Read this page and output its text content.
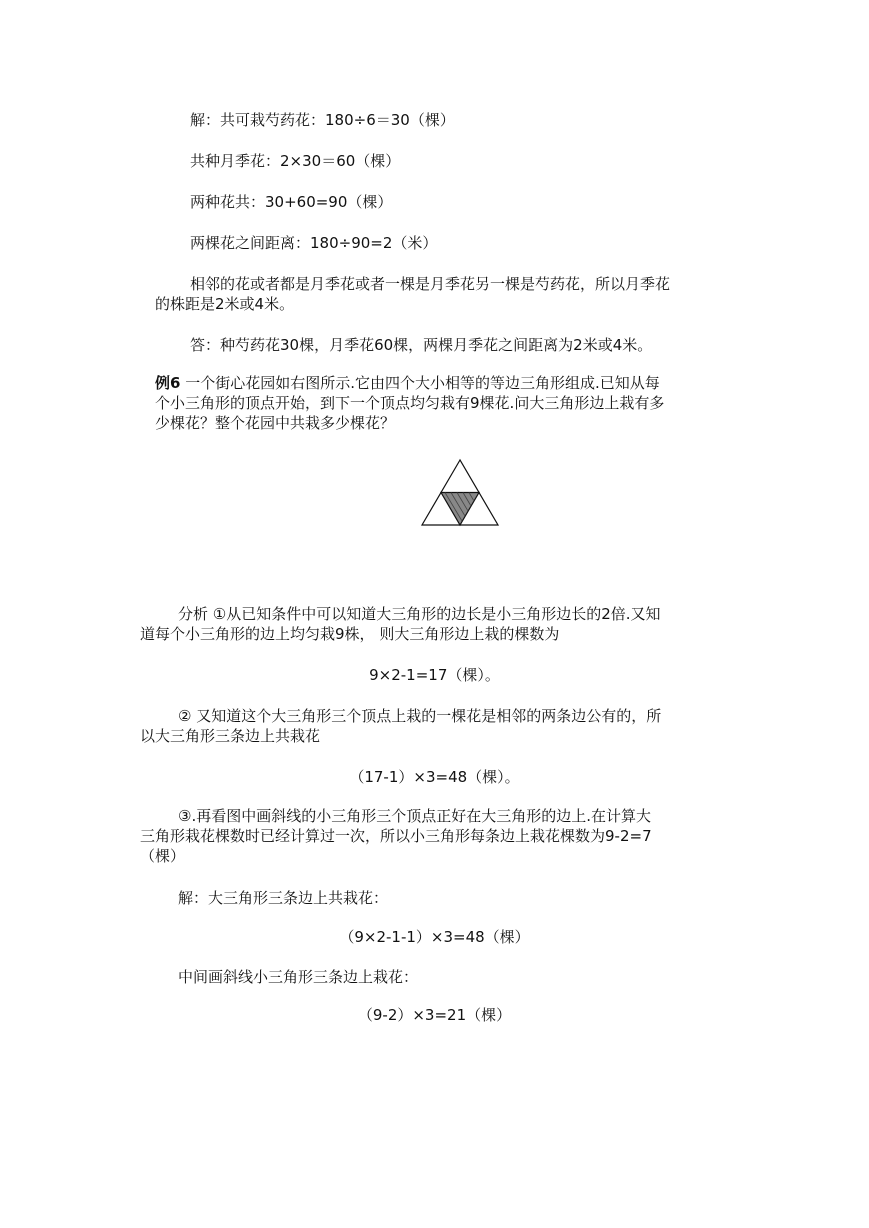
解：共可栽芍药花：180÷6＝30（棵）
共种月季花：2×30＝60（棵）
两种花共：30+60=90（棵）
两棵花之间距离：180÷90=2（米）
相邻的花或者都是月季花或者一棵是月季花另一棵是芍药花，所以月季花
的株距是2米或4米。
答：种芍药花30棵，月季花60棵，两棵月季花之间距离为2米或4米。
例6 一个街心花园如右图所示.它由四个大小相等的等边三角形组成.已知从每
个小三角形的顶点开始，到下一个顶点均匀栽有9棵花.问大三角形边上栽有多
少棵花？整个花园中共栽多少棵花？
分析 ①从已知条件中可以知道大三角形的边长是小三角形边长的2倍.又知
道每个小三角形的边上均匀栽9株， 则大三角形边上栽的棵数为
9×2-1=17（棵）。
② 又知道这个大三角形三个顶点上栽的一棵花是相邻的两条边公有的，所
以大三角形三条边上共栽花
（17-1）×3=48（棵）。
③.再看图中画斜线的小三角形三个顶点正好在大三角形的边上.在计算大
三角形栽花棵数时已经计算过一次，所以小三角形每条边上栽花棵数为9-2=7
（棵）
解：大三角形三条边上共栽花：
（9×2-1-1）×3=48（棵）
中间画斜线小三角形三条边上栽花：
（9-2）×3=21（棵）
